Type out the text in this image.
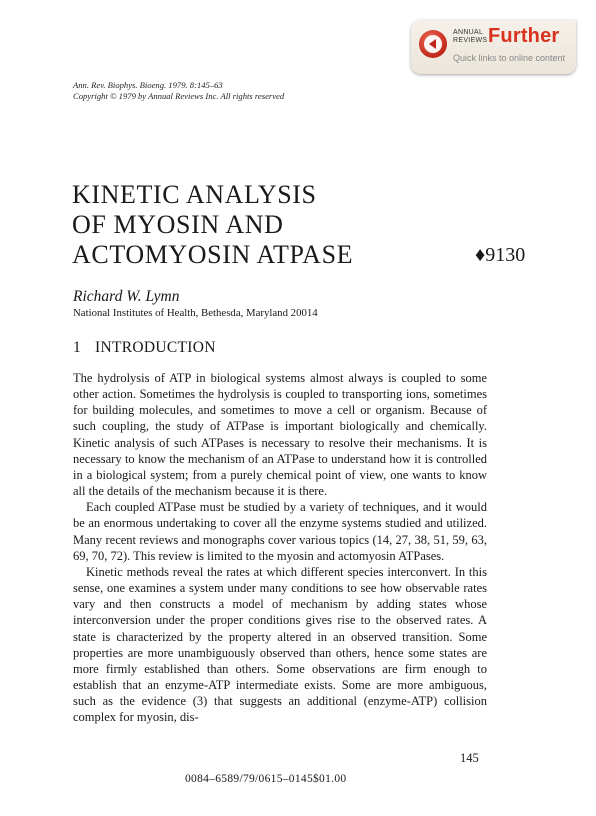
ANNUAL
REVIEWS Further
Quick links to online content
Ann. Rev. Biophys. Bioeng. 1979. 8:145–63
Copyright © 1979 by Annual Reviews Inc. All rights reserved
KINETIC ANALYSIS
OF MYOSIN AND
ACTOMYOSIN ATPASE	♦9130
Richard W. Lymn
National Institutes of Health, Bethesda, Maryland 20014
1 INTRODUCTION

The hydrolysis of ATP in biological systems almost always is coupled to some other action. Sometimes the hydrolysis is coupled to transporting ions, sometimes for building molecules, and sometimes to move a cell or organism. Because of such coupling, the study of ATPase is important biologically and chemically. Kinetic analysis of such ATPases is necessary to resolve their mechanisms. It is necessary to know the mechanism of an ATPase to understand how it is controlled in a biological system; from a purely chemical point of view, one wants to know all the details of the mechanism because it is there.

Each coupled ATPase must be studied by a variety of techniques, and it would be an enormous undertaking to cover all the enzyme systems studied and utilized. Many recent reviews and monographs cover various topics (14, 27, 38, 51, 59, 63, 69, 70, 72). This review is limited to the myosin and actomyosin ATPases.

Kinetic methods reveal the rates at which different species interconvert. In this sense, one examines a system under many conditions to see how observable rates vary and then constructs a model of mechanism by adding states whose interconversion under the proper conditions gives rise to the observed rates. A state is characterized by the property altered in an observed transition. Some properties are more unambiguously observed than others, hence some states are more firmly established than others. Some observations are firm enough to establish that an enzyme-ATP intermediate exists. Some are more ambiguous, such as the evidence (3) that suggests an additional (enzyme-ATP) collision complex for myosin, dis-

145
0084–6589/79/0615–0145$01.00
